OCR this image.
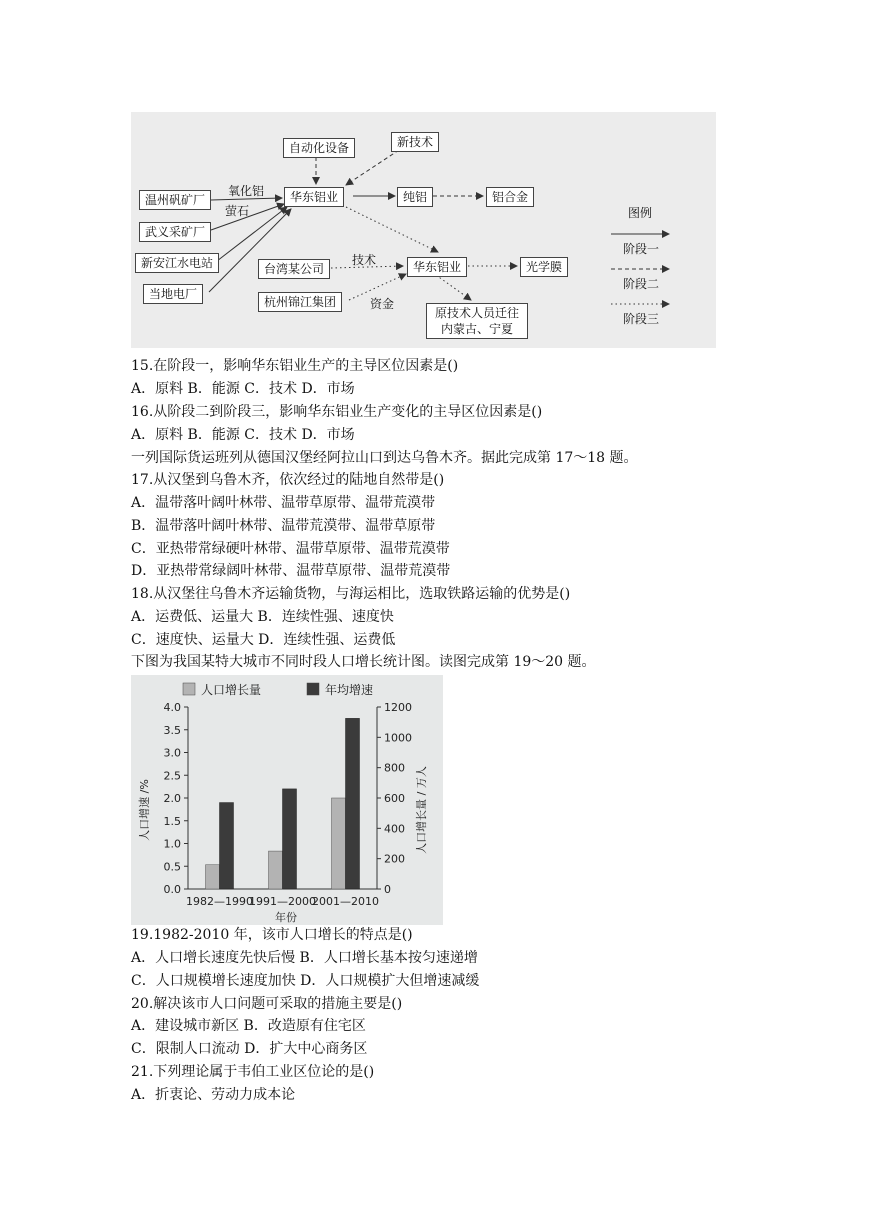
自动化设备	新技术
温州矾矿厂
武义采矿厂
新安江水电站
当地电厂
华东铝业	纯铝	铝合金
台湾某公司
杭州锦江集团
华东铝业	光学膜
原技术人员迁往
内蒙古、宁夏
氧化铝
萤石
技术
资金
图例
阶段一
阶段二
阶段三
15.在阶段一，影响华东铝业生产的主导区位因素是()
A．原料 B．能源 C．技术 D．市场
16.从阶段二到阶段三，影响华东铝业生产变化的主导区位因素是()
A．原料 B．能源 C．技术 D．市场
一列国际货运班列从德国汉堡经阿拉山口到达乌鲁木齐。据此完成第 17～18 题。
17.从汉堡到乌鲁木齐，依次经过的陆地自然带是()
A．温带落叶阔叶林带、温带草原带、温带荒漠带
B．温带落叶阔叶林带、温带荒漠带、温带草原带
C．亚热带常绿硬叶林带、温带草原带、温带荒漠带
D．亚热带常绿阔叶林带、温带草原带、温带荒漠带
18.从汉堡往乌鲁木齐运输货物，与海运相比，选取铁路运输的优势是()
A．运费低、运量大 B．连续性强、速度快
C．速度快、运量大 D．连续性强、运费低
下图为我国某特大城市不同时段人口增长统计图。读图完成第 19～20 题。
人口增长量	年均增速
人口增速 /%	人口增长量 / 万人
年份
0.0
0.5
1.0
1.5
2.0
2.5
3.0
3.5
4.0
0
200
400
600
800
1000
1200
1982—1990
1991—2000
2001—2010
19.1982-2010 年，该市人口增长的特点是()
A．人口增长速度先快后慢 B．人口增长基本按匀速递增
C．人口规模增长速度加快 D．人口规模扩大但增速减缓
20.解决该市人口问题可采取的措施主要是()
A．建设城市新区 B．改造原有住宅区
C．限制人口流动 D．扩大中心商务区
21.下列理论属于韦伯工业区位论的是()
A．折衷论、劳动力成本论
